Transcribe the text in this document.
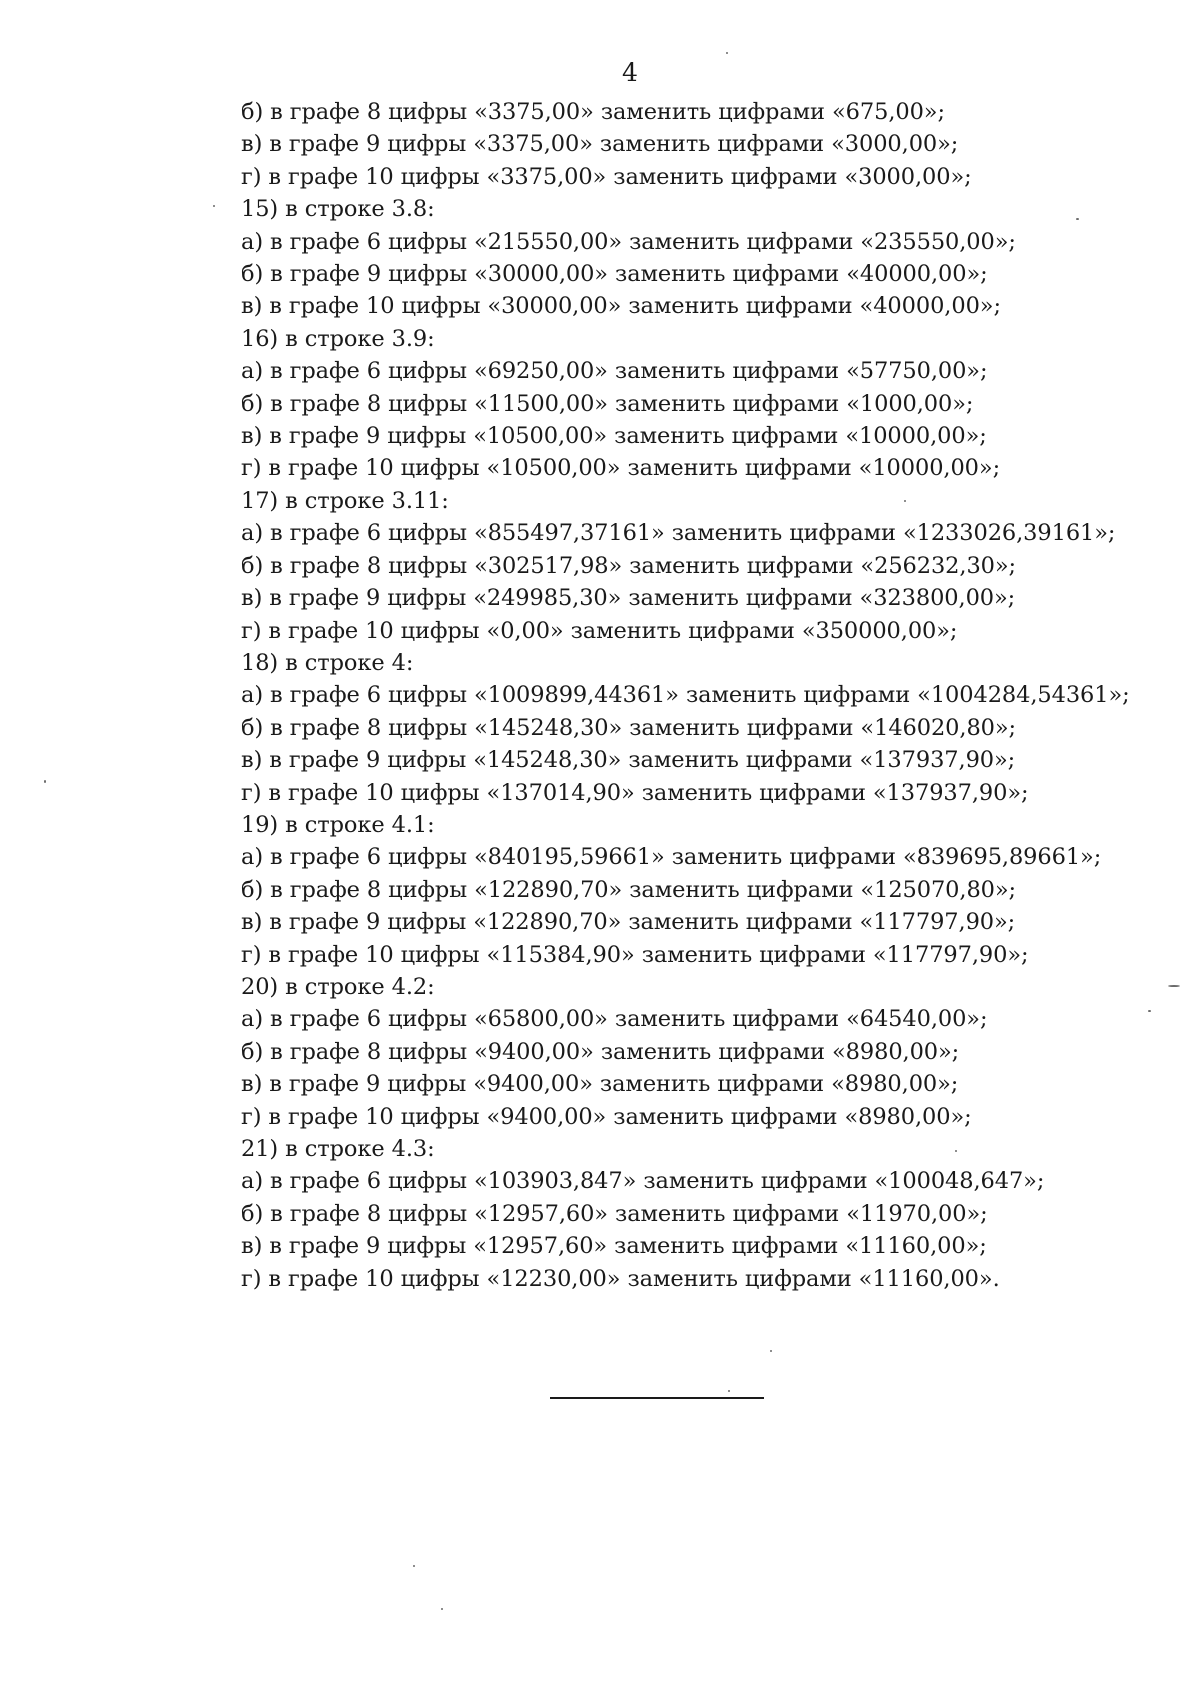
4
б) в графе 8 цифры «3375,00» заменить цифрами «675,00»;
в) в графе 9 цифры «3375,00» заменить цифрами «3000,00»;
г) в графе 10 цифры «3375,00» заменить цифрами «3000,00»;
15) в строке 3.8:
а) в графе 6 цифры «215550,00» заменить цифрами «235550,00»;
б) в графе 9 цифры «30000,00» заменить цифрами «40000,00»;
в) в графе 10 цифры «30000,00» заменить цифрами «40000,00»;
16) в строке 3.9:
а) в графе 6 цифры «69250,00» заменить цифрами «57750,00»;
б) в графе 8 цифры «11500,00» заменить цифрами «1000,00»;
в) в графе 9 цифры «10500,00» заменить цифрами «10000,00»;
г) в графе 10 цифры «10500,00» заменить цифрами «10000,00»;
17) в строке 3.11:
а) в графе 6 цифры «855497,37161» заменить цифрами «1233026,39161»;
б) в графе 8 цифры «302517,98» заменить цифрами «256232,30»;
в) в графе 9 цифры «249985,30» заменить цифрами «323800,00»;
г) в графе 10 цифры «0,00» заменить цифрами «350000,00»;
18) в строке 4:
а) в графе 6 цифры «1009899,44361» заменить цифрами «1004284,54361»;
б) в графе 8 цифры «145248,30» заменить цифрами «146020,80»;
в) в графе 9 цифры «145248,30» заменить цифрами «137937,90»;
г) в графе 10 цифры «137014,90» заменить цифрами «137937,90»;
19) в строке 4.1:
а) в графе 6 цифры «840195,59661» заменить цифрами «839695,89661»;
б) в графе 8 цифры «122890,70» заменить цифрами «125070,80»;
в) в графе 9 цифры «122890,70» заменить цифрами «117797,90»;
г) в графе 10 цифры «115384,90» заменить цифрами «117797,90»;
20) в строке 4.2:
а) в графе 6 цифры «65800,00» заменить цифрами «64540,00»;
б) в графе 8 цифры «9400,00» заменить цифрами «8980,00»;
в) в графе 9 цифры «9400,00» заменить цифрами «8980,00»;
г) в графе 10 цифры «9400,00» заменить цифрами «8980,00»;
21) в строке 4.3:
а) в графе 6 цифры «103903,847» заменить цифрами «100048,647»;
б) в графе 8 цифры «12957,60» заменить цифрами «11970,00»;
в) в графе 9 цифры «12957,60» заменить цифрами «11160,00»;
г) в графе 10 цифры «12230,00» заменить цифрами «11160,00».
